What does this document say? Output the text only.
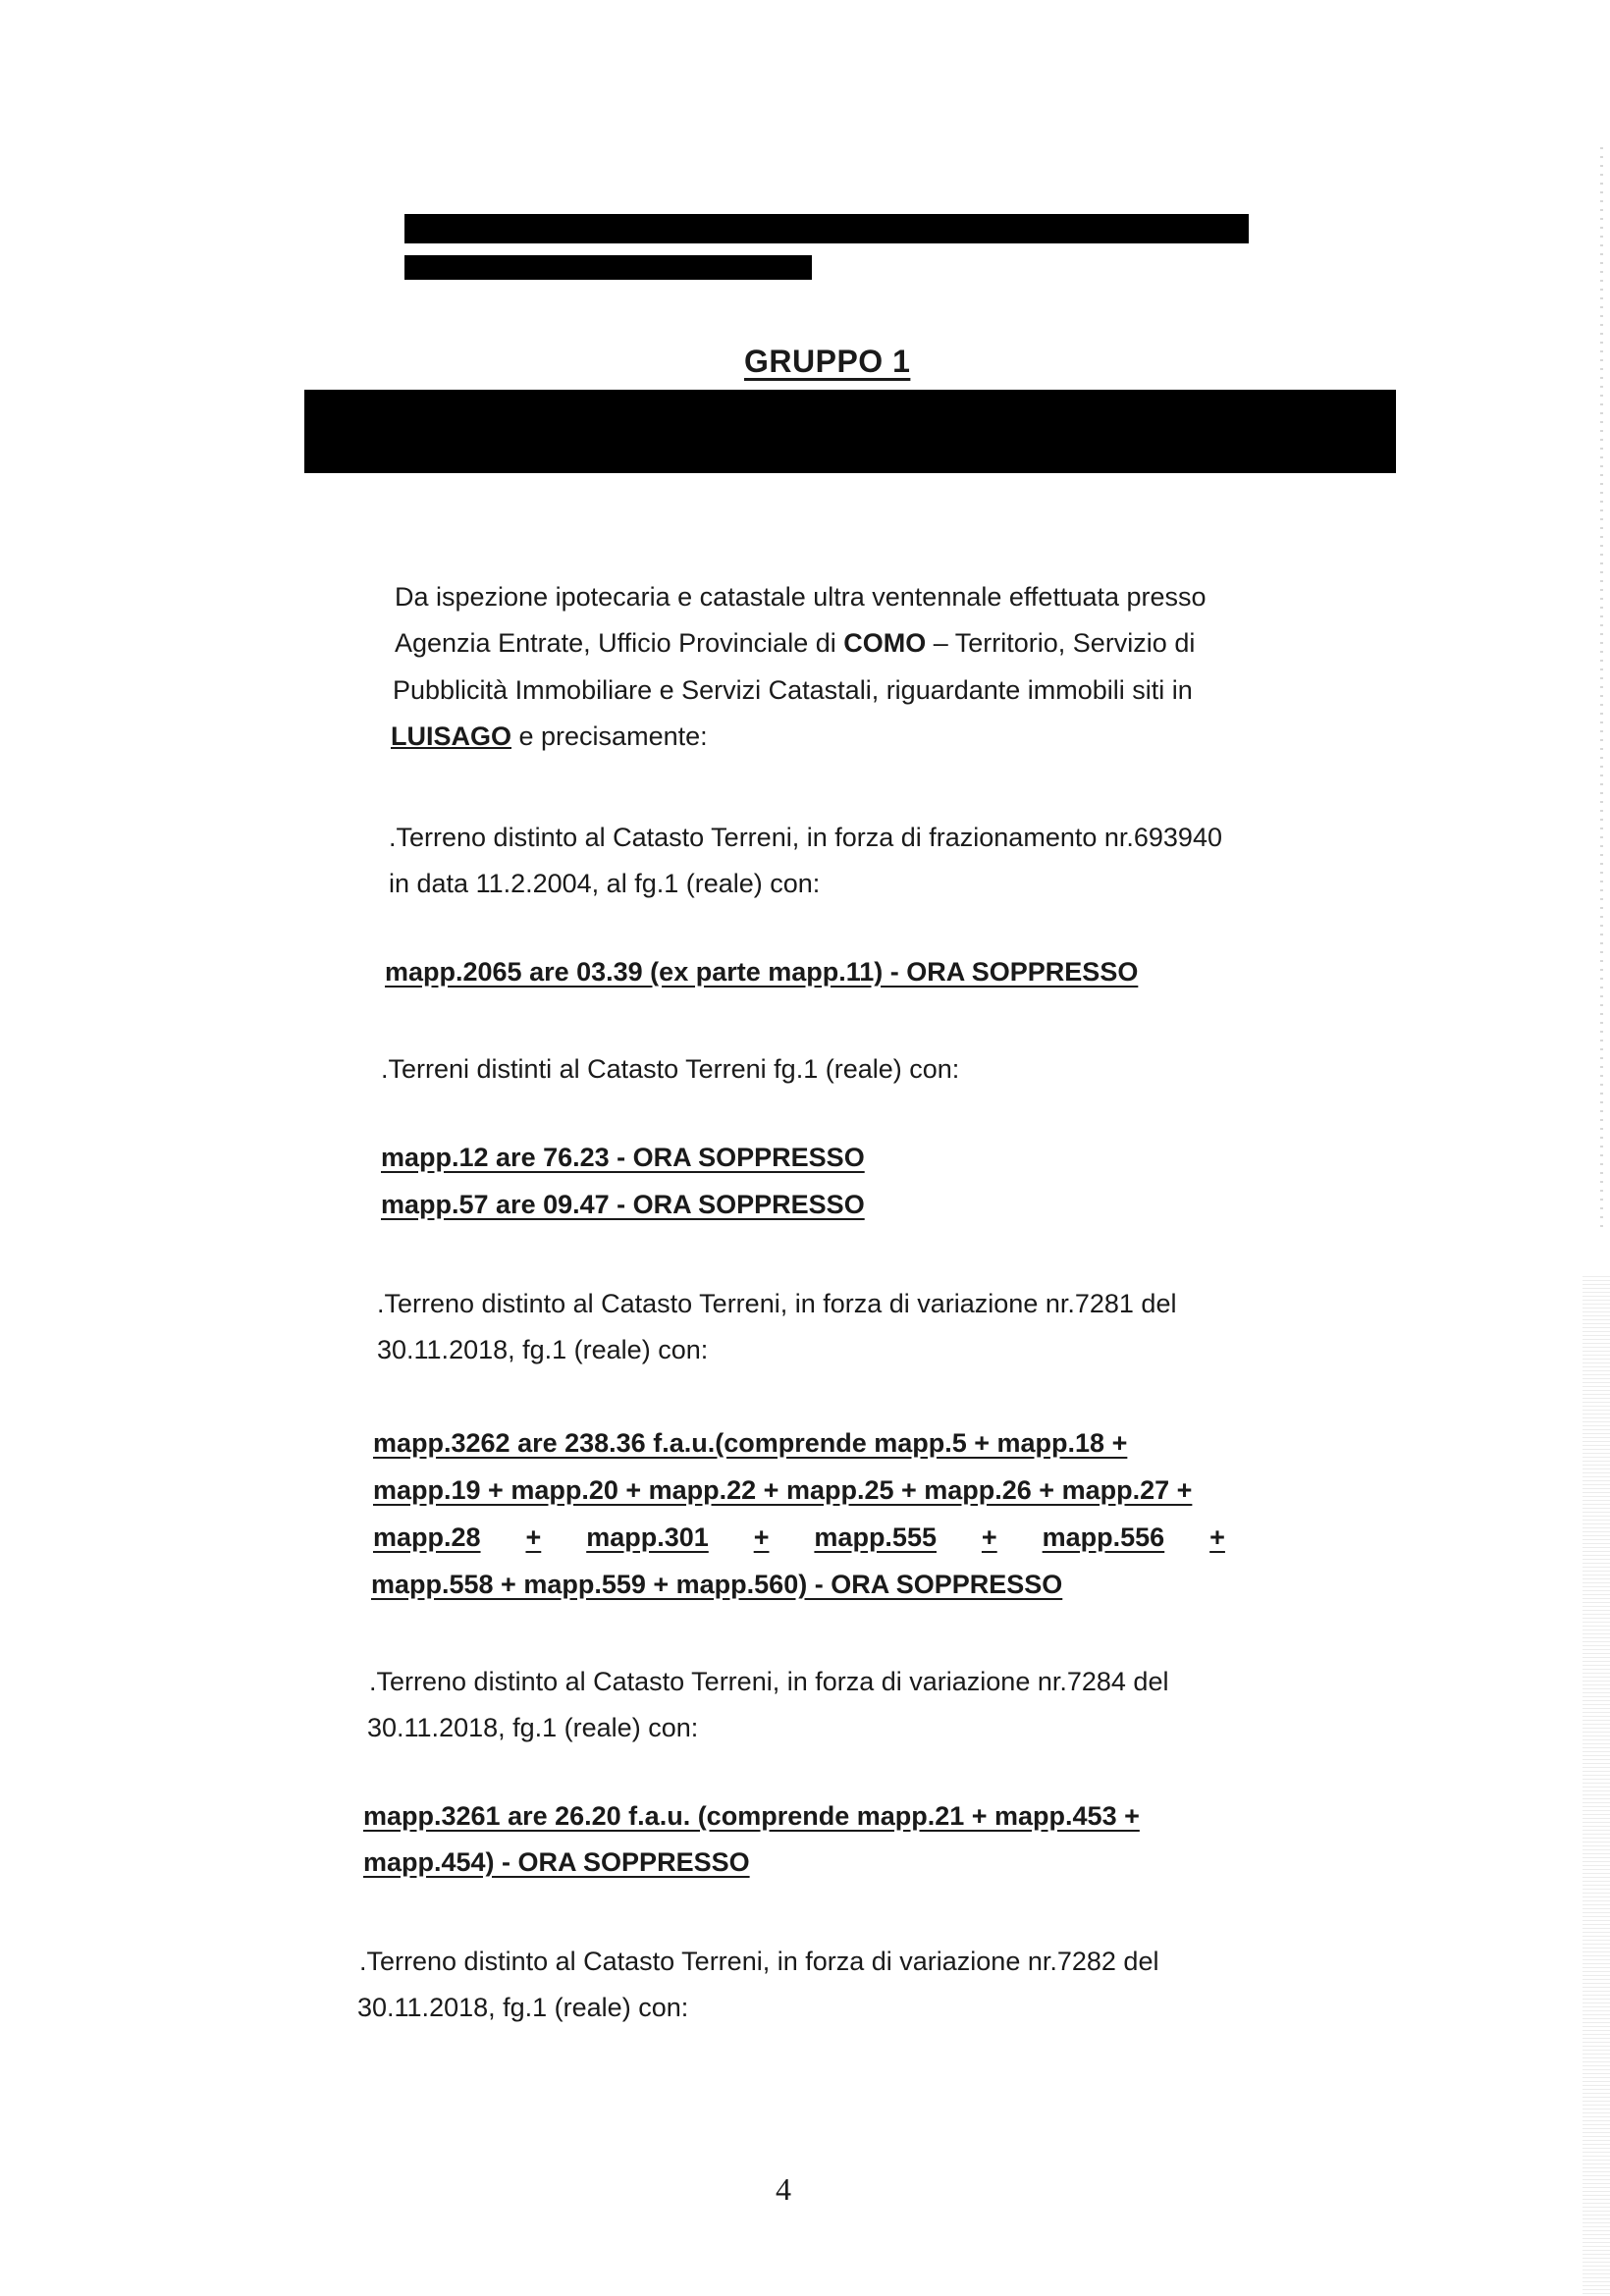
GRUPPO 1
Da ispezione ipotecaria e catastale ultra ventennale effettuata presso
Agenzia Entrate, Ufficio Provinciale di COMO – Territorio, Servizio di
Pubblicità Immobiliare e Servizi Catastali, riguardante immobili siti in
LUISAGO e precisamente:
.Terreno distinto al Catasto Terreni, in forza di frazionamento nr.693940
in data 11.2.2004, al fg.1 (reale) con:
mapp.2065 are 03.39 (ex parte mapp.11) - ORA SOPPRESSO
.Terreni distinti al Catasto Terreni fg.1 (reale) con:
mapp.12 are 76.23 - ORA SOPPRESSO
mapp.57 are 09.47 - ORA SOPPRESSO
.Terreno distinto al Catasto Terreni, in forza di variazione nr.7281 del
30.11.2018, fg.1 (reale) con:
mapp.3262 are 238.36 f.a.u.(comprende mapp.5 + mapp.18 +
mapp.19 + mapp.20 + mapp.22 + mapp.25 + mapp.26 + mapp.27 +
mapp.28 + mapp.301 + mapp.555 + mapp.556 +
mapp.558 + mapp.559 + mapp.560) - ORA SOPPRESSO
.Terreno distinto al Catasto Terreni, in forza di variazione nr.7284 del
30.11.2018, fg.1 (reale) con:
mapp.3261 are 26.20 f.a.u. (comprende mapp.21 + mapp.453 +
mapp.454) - ORA SOPPRESSO
.Terreno distinto al Catasto Terreni, in forza di variazione nr.7282 del
30.11.2018, fg.1 (reale) con:
4
